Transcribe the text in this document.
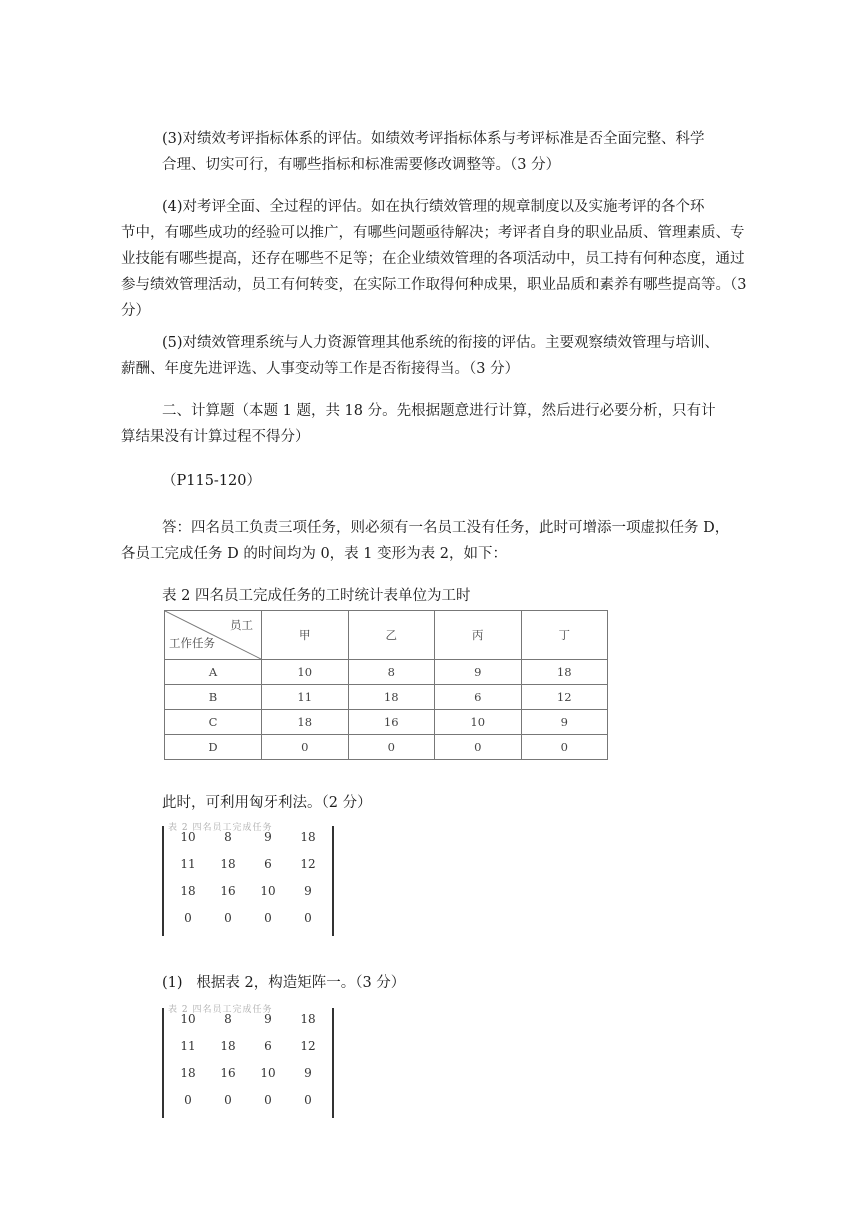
(3)对绩效考评指标体系的评估。如绩效考评指标体系与考评标准是否全面完整、科学
合理、切实可行，有哪些指标和标准需要修改调整等。（3 分）

(4)对考评全面、全过程的评估。如在执行绩效管理的规章制度以及实施考评的各个环

节中，有哪些成功的经验可以推广，有哪些问题亟待解决；考评者自身的职业品质、管理素质、专业技能有哪些提高，还存在哪些不足等；在企业绩效管理的各项活动中，员工持有何种态度，通过参与绩效管理活动，员工有何转变，在实际工作取得何种成果，职业品质和素养有哪些提高等。（3 分）

(5)对绩效管理系统与人力资源管理其他系统的衔接的评估。主要观察绩效管理与培训、

薪酬、年度先进评选、人事变动等工作是否衔接得当。（3 分）

二、计算题（本题 1 题，共 18 分。先根据题意进行计算，然后进行必要分析，只有计

算结果没有计算过程不得分）

（P115-120）

答：四名员工负责三项任务，则必须有一名员工没有任务，此时可增添一项虚拟任务 D，

各员工完成任务 D 的时间均为 0，表 1 变形为表 2，如下：

表 2 四名员工完成任务的工时统计表单位为工时
员工
工作任务	甲	乙	丙	丁
A	10	8	9	18
B	11	18	6	12
C	18	16	10	9
D	0	0	0	0

此时，可利用匈牙利法。（2 分）

表 2 四名员工完成任务
10	8	9	18
11	18	6	12
18	16	10	9
0	0	0	0

(1)   根据表 2，构造矩阵一。（3 分）

表 2 四名员工完成任务
10	8	9	18
11	18	6	12
18	16	10	9
0	0	0	0
